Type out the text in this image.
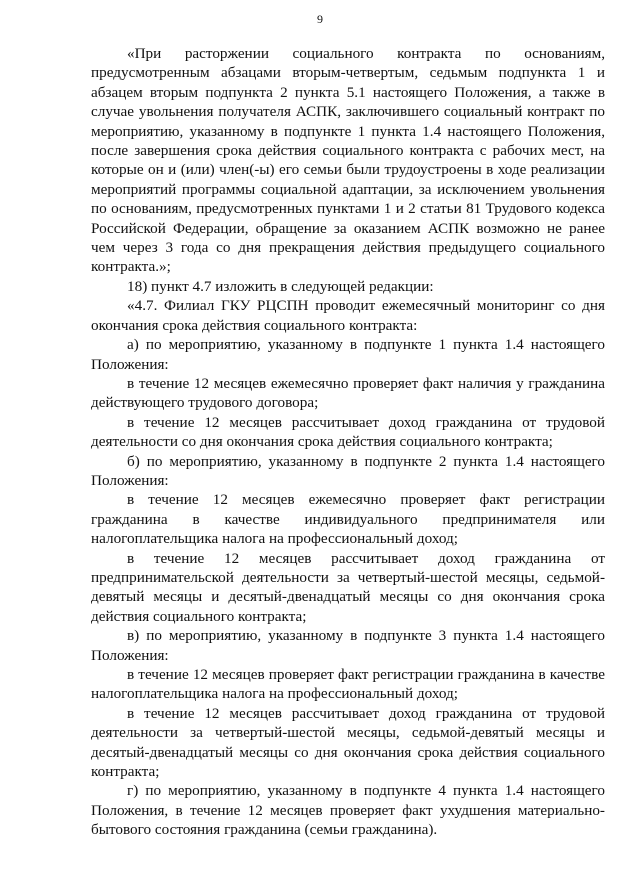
9

«При расторжении социального контракта по основаниям, предусмотренным абзацами вторым-четвертым, седьмым подпункта 1 и абзацем вторым подпункта 2 пункта 5.1 настоящего Положения, а также в случае увольнения получателя АСПК, заключившего социальный контракт по мероприятию, указанному в подпункте 1 пункта 1.4 настоящего Положения, после завершения срока действия социального контракта с рабочих мест, на которые он и (или) член(-ы) его семьи были трудоустроены в ходе реализации мероприятий программы социальной адаптации, за исключением увольнения по основаниям, предусмотренных пунктами 1 и 2 статьи 81 Трудового кодекса Российской Федерации, обращение за оказанием АСПК возможно не ранее чем через 3 года со дня прекращения действия предыдущего социального контракта.»;

18) пункт 4.7 изложить в следующей редакции:

«4.7. Филиал ГКУ РЦСПН проводит ежемесячный мониторинг со дня окончания срока действия социального контракта:

а) по мероприятию, указанному в подпункте 1 пункта 1.4 настоящего Положения:

в течение 12 месяцев ежемесячно проверяет факт наличия у гражданина действующего трудового договора;

в течение 12 месяцев рассчитывает доход гражданина от трудовой деятельности со дня окончания срока действия социального контракта;

б) по мероприятию, указанному в подпункте 2 пункта 1.4 настоящего Положения:

в течение 12 месяцев ежемесячно проверяет факт регистрации гражданина в качестве индивидуального предпринимателя или налогоплательщика налога на профессиональный доход;

в течение 12 месяцев рассчитывает доход гражданина от предпринимательской деятельности за четвертый-шестой месяцы, седьмой-девятый месяцы и десятый-двенадцатый месяцы со дня окончания срока действия социального контракта;

в) по мероприятию, указанному в подпункте 3 пункта 1.4 настоящего Положения:

в течение 12 месяцев проверяет факт регистрации гражданина в качестве налогоплательщика налога на профессиональный доход;

в течение 12 месяцев рассчитывает доход гражданина от трудовой деятельности за четвертый-шестой месяцы, седьмой-девятый месяцы и десятый-двенадцатый месяцы со дня окончания срока действия социального контракта;

г) по мероприятию, указанному в подпункте 4 пункта 1.4 настоящего Положения, в течение 12 месяцев проверяет факт ухудшения материально-бытового состояния гражданина (семьи гражданина).
